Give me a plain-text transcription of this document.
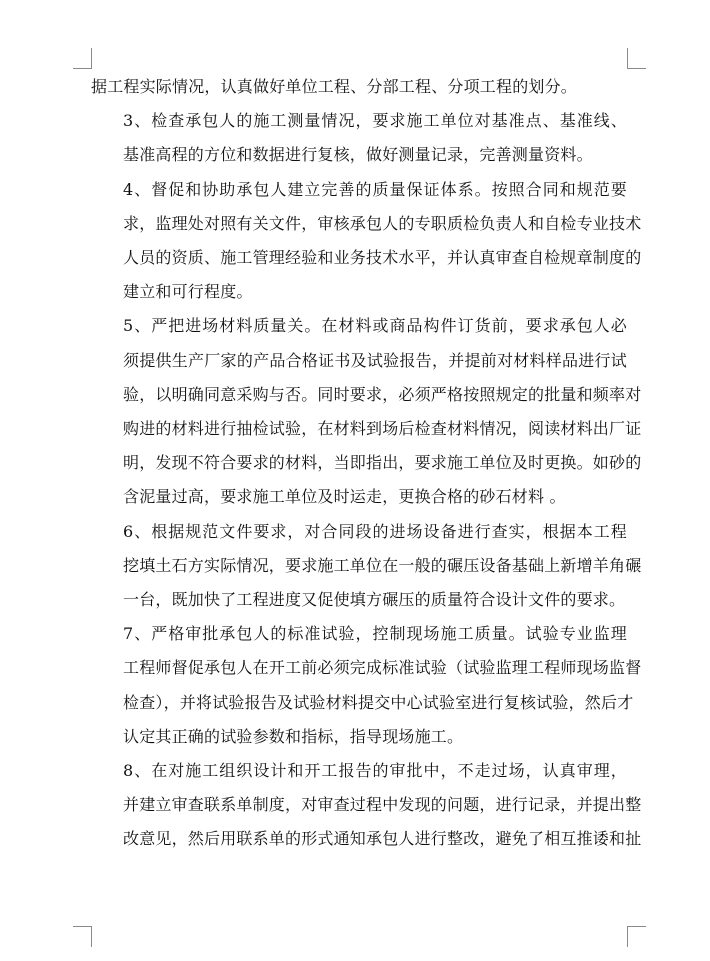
据工程实际情况，认真做好单位工程、分部工程、分项工程的划分。

3、检查承包人的施工测量情况，要求施工单位对基准点、基准线、
基准高程的方位和数据进行复核，做好测量记录，完善测量资料。

4、督促和协助承包人建立完善的质量保证体系。按照合同和规范要
求，监理处对照有关文件，审核承包人的专职质检负责人和自检专业技术
人员的资质、施工管理经验和业务技术水平，并认真审查自检规章制度的
建立和可行程度。

5、严把进场材料质量关。在材料或商品构件订货前，要求承包人必
须提供生产厂家的产品合格证书及试验报告，并提前对材料样品进行试
验，以明确同意采购与否。同时要求，必须严格按照规定的批量和频率对
购进的材料进行抽检试验，在材料到场后检查材料情况，阅读材料出厂证
明，发现不符合要求的材料，当即指出，要求施工单位及时更换。如砂的
含泥量过高，要求施工单位及时运走，更换合格的砂石材料 。

6、根据规范文件要求，对合同段的进场设备进行查实，根据本工程
挖填土石方实际情况，要求施工单位在一般的碾压设备基础上新增羊角碾
一台，既加快了工程进度又促使填方碾压的质量符合设计文件的要求。

7、严格审批承包人的标准试验，控制现场施工质量。试验专业监理
工程师督促承包人在开工前必须完成标准试验（试验监理工程师现场监督
检查），并将试验报告及试验材料提交中心试验室进行复核试验，然后才
认定其正确的试验参数和指标，指导现场施工。

8、在对施工组织设计和开工报告的审批中，不走过场，认真审理，
并建立审查联系单制度，对审查过程中发现的问题，进行记录，并提出整
改意见，然后用联系单的形式通知承包人进行整改，避免了相互推诿和扯
